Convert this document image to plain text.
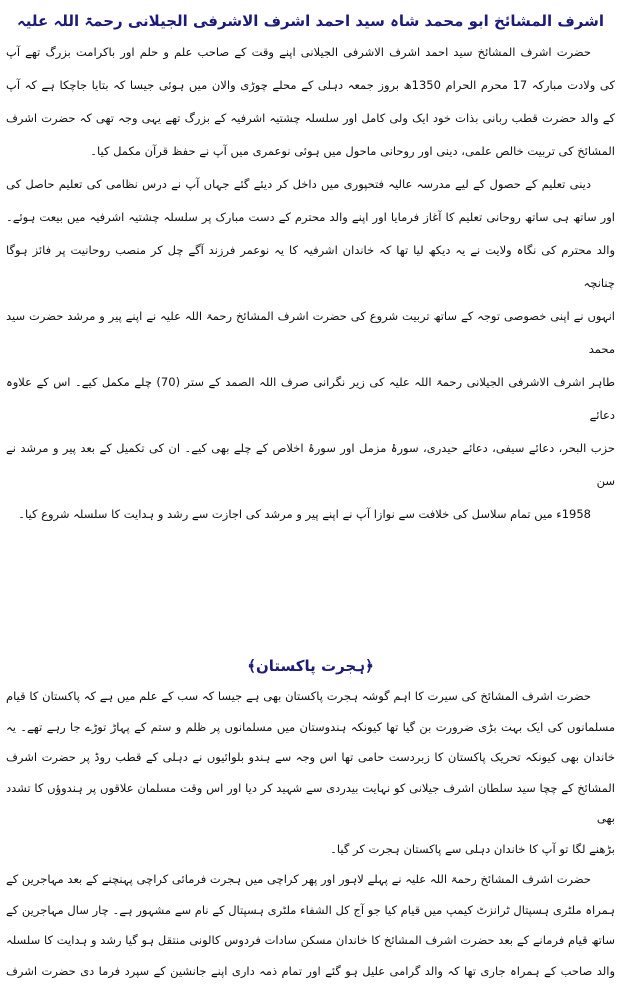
اشرف المشائخ ابو محمد شاہ سید احمد اشرف الاشرفی الجیلانی رحمۃ اللہ علیہ
حضرت اشرف المشائخ سید احمد اشرف الاشرفی الجیلانی اپنے وقت کے صاحب علم و حلم اور باکرامت بزرگ تھے آپ
کی ولادت مبارکہ 17 محرم الحرام 1350ھ بروز جمعہ دہلی کے محلے چوڑی والان میں ہوئی جیسا کہ بتایا جاچکا ہے کہ آپ
کے والد حضرت قطب ربانی بذات خود ایک ولی کامل اور سلسلہ چشتیہ اشرفیہ کے بزرگ تھے یہی وجہ تھی کہ حضرت اشرف
المشائخ کی تربیت خالص علمی، دینی اور روحانی ماحول میں ہوئی نوعمری میں آپ نے حفظ قرآن مکمل کیا۔
دینی تعلیم کے حصول کے لیے مدرسہ عالیہ فتحپوری میں داخل کر دیئے گئے جہاں آپ نے درس نظامی کی تعلیم حاصل کی
اور ساتھ ہی ساتھ روحانی تعلیم کا آغاز فرمایا اور اپنے والد محترم کے دست مبارک پر سلسلہ چشتیہ اشرفیہ میں بیعت ہوئے۔
والد محترم کی نگاہ ولایت نے یہ دیکھ لیا تھا کہ خاندان اشرفیہ کا یہ نوعمر فرزند آگے چل کر منصب روحانیت پر فائز ہوگا چنانچہ
انہوں نے اپنی خصوصی توجہ کے ساتھ تربیت شروع کی حضرت اشرف المشائخ رحمۃ اللہ علیہ نے اپنے پیر و مرشد حضرت سید محمد
طاہر اشرف الاشرفی الجیلانی رحمۃ اللہ علیہ کی زیر نگرانی صرف اللہ الصمد کے ستر (70) چلے مکمل کیے۔ اس کے علاوہ دعائے
حزب البحر، دعائے سیفی، دعائے حیدری، سورۂ مزمل اور سورۂ اخلاص کے چلے بھی کیے۔ ان کی تکمیل کے بعد پیر و مرشد نے سن
1958ء میں تمام سلاسل کی خلافت سے نوازا آپ نے اپنے پیر و مرشد کی اجازت سے رشد و ہدایت کا سلسلہ شروع کیا۔
﴿ہجرت پاکستان﴾
حضرت اشرف المشائخ کی سیرت کا اہم گوشہ ہجرت پاکستان بھی ہے جیسا کہ سب کے علم میں ہے کہ پاکستان کا قیام
مسلمانوں کی ایک بہت بڑی ضرورت بن گیا تھا کیونکہ ہندوستان میں مسلمانوں پر ظلم و ستم کے پہاڑ توڑے جا رہے تھے۔ یہ
خاندان بھی کیونکہ تحریک پاکستان کا زبردست حامی تھا اس وجہ سے ہندو بلوائیوں نے دہلی کے قطب روڈ پر حضرت اشرف
المشائخ کے چچا سید سلطان اشرف جیلانی کو نہایت بیدردی سے شہید کر دیا اور اس وقت مسلمان علاقوں پر ہندوؤں کا تشدد بھی
بڑھنے لگا تو آپ کا خاندان دہلی سے پاکستان ہجرت کر گیا۔
حضرت اشرف المشائخ رحمۃ اللہ علیہ نے پہلے لاہور اور پھر کراچی میں ہجرت فرمائی کراچی پہنچنے کے بعد مہاجرین کے
ہمراہ ملٹری ہسپتال ٹرانزٹ کیمپ میں قیام کیا جو آج کل الشفاء ملٹری ہسپتال کے نام سے مشہور ہے۔ چار سال مہاجرین کے
ساتھ قیام فرمانے کے بعد حضرت اشرف المشائخ کا خاندان مسکن سادات فردوس کالونی منتقل ہو گیا رشد و ہدایت کا سلسلہ
والد صاحب کے ہمراہ جاری تھا کہ والد گرامی علیل ہو گئے اور تمام ذمہ داری اپنے جانشین کے سپرد فرما دی حضرت اشرف
